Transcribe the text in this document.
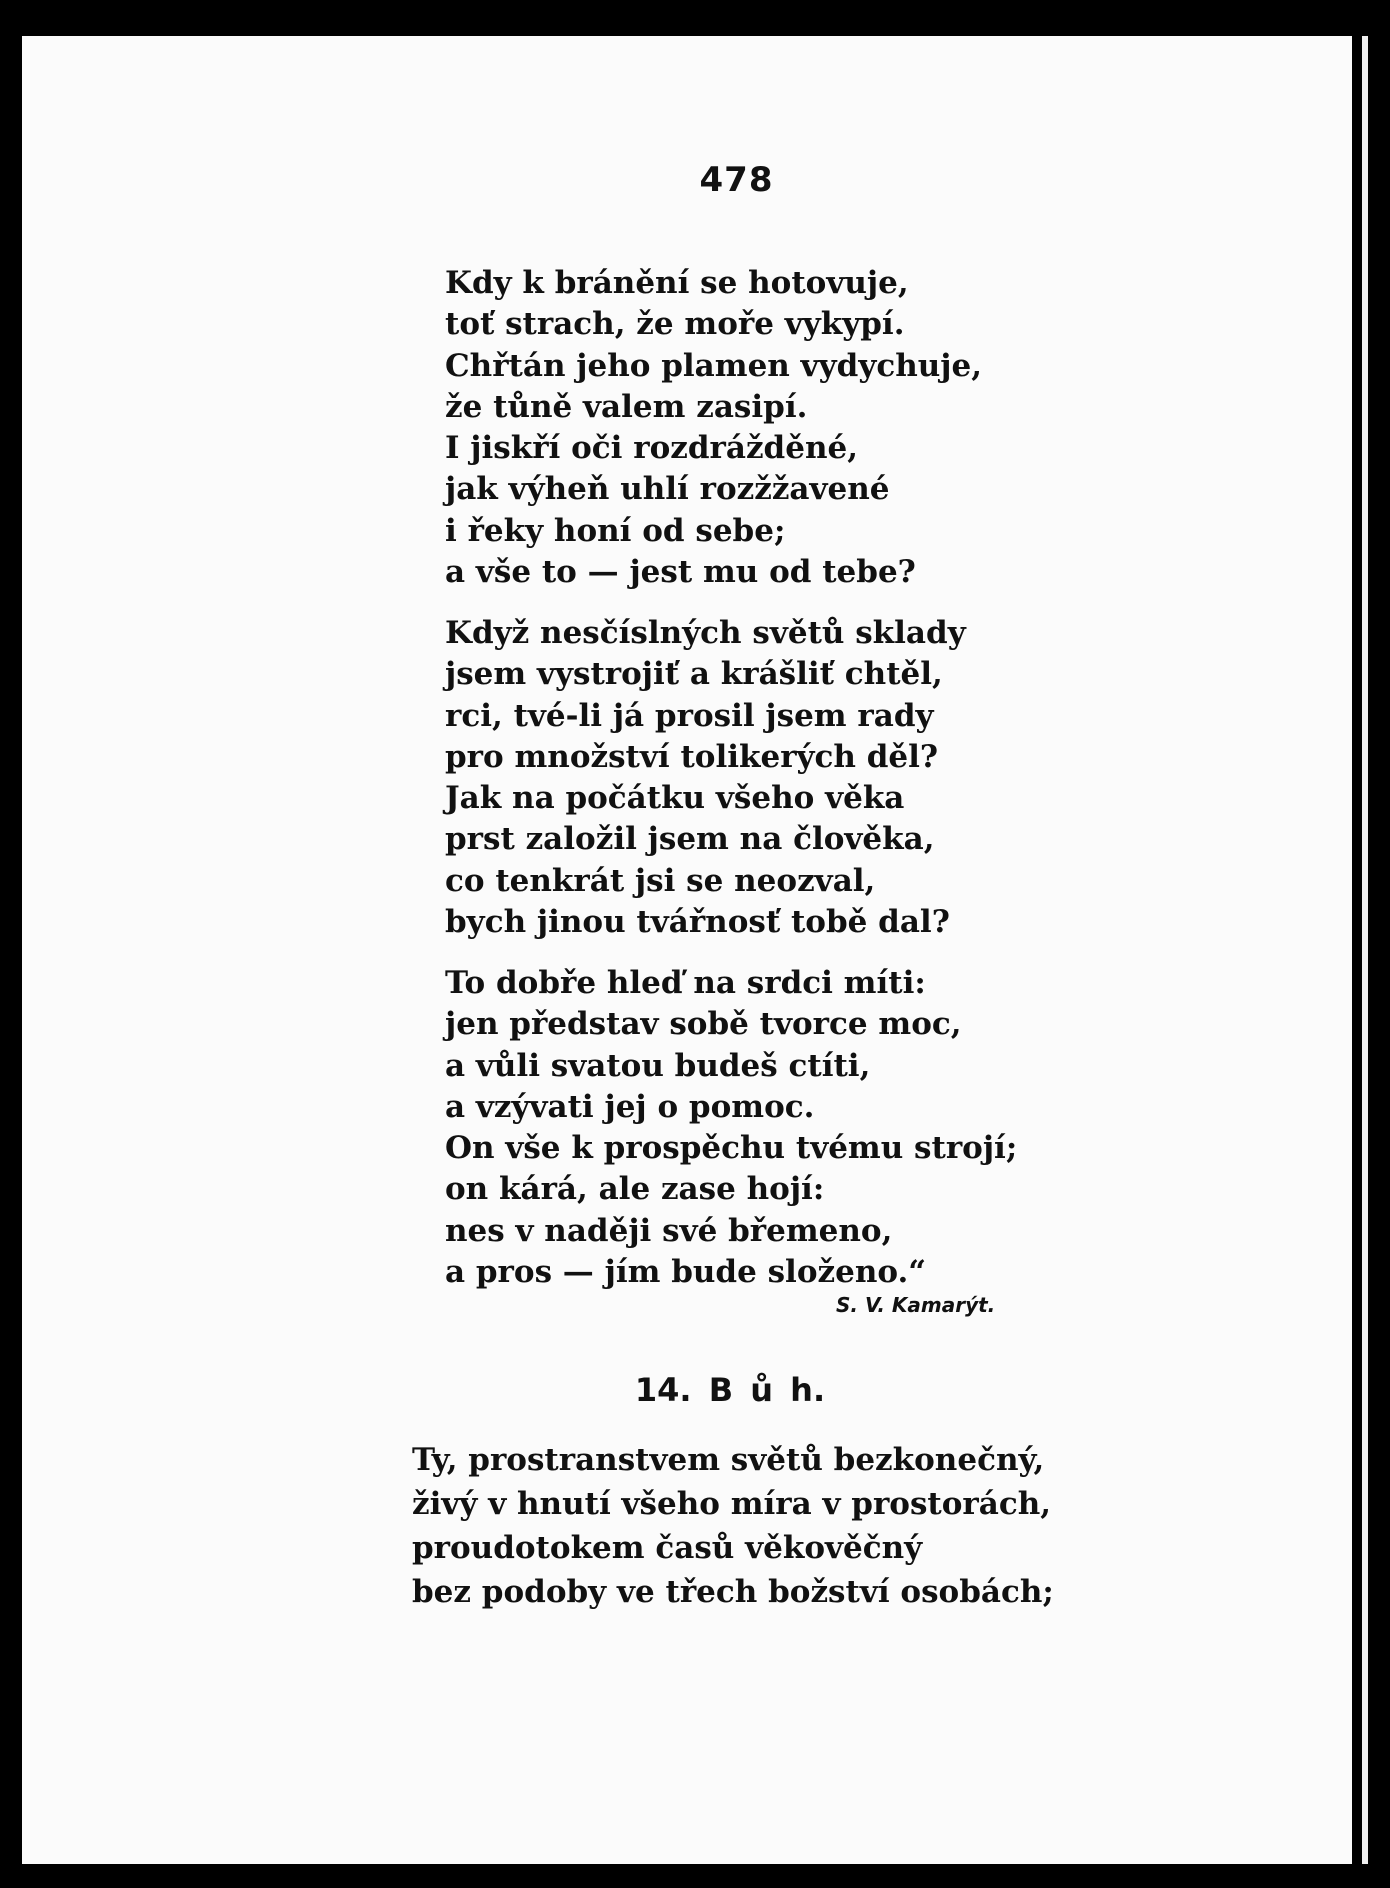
478
Kdy k bránění se hotovuje,
toť strach, že moře vykypí.
Chřtán jeho plamen vydychuje,
že tůně valem zasipí.
I jiskří oči rozdrážděné,
jak výheň uhlí rozžžavené
i řeky honí od sebe;
a vše to — jest mu od tebe?
Když nesčíslných světů sklady
jsem vystrojiť a krášliť chtěl,
rci, tvé-li já prosil jsem rady
pro množství tolikerých děl?
Jak na počátku všeho věka
prst založil jsem na člověka,
co tenkrát jsi se neozval,
bych jinou tvářnosť tobě dal?
To dobře hleď na srdci míti:
jen představ sobě tvorce moc,
a vůli svatou budeš ctíti,
a vzývati jej o pomoc.
On vše k prospěchu tvému strojí;
on kárá, ale zase hojí:
nes v naději své břemeno,
a pros — jím bude složeno.“
S. V. Kamarýt.
14. B ů h.
Ty, prostranstvem světů bezkonečný,
živý v hnutí všeho míra v prostorách,
proudotokem časů věkověčný
bez podoby ve třech božství osobách;
